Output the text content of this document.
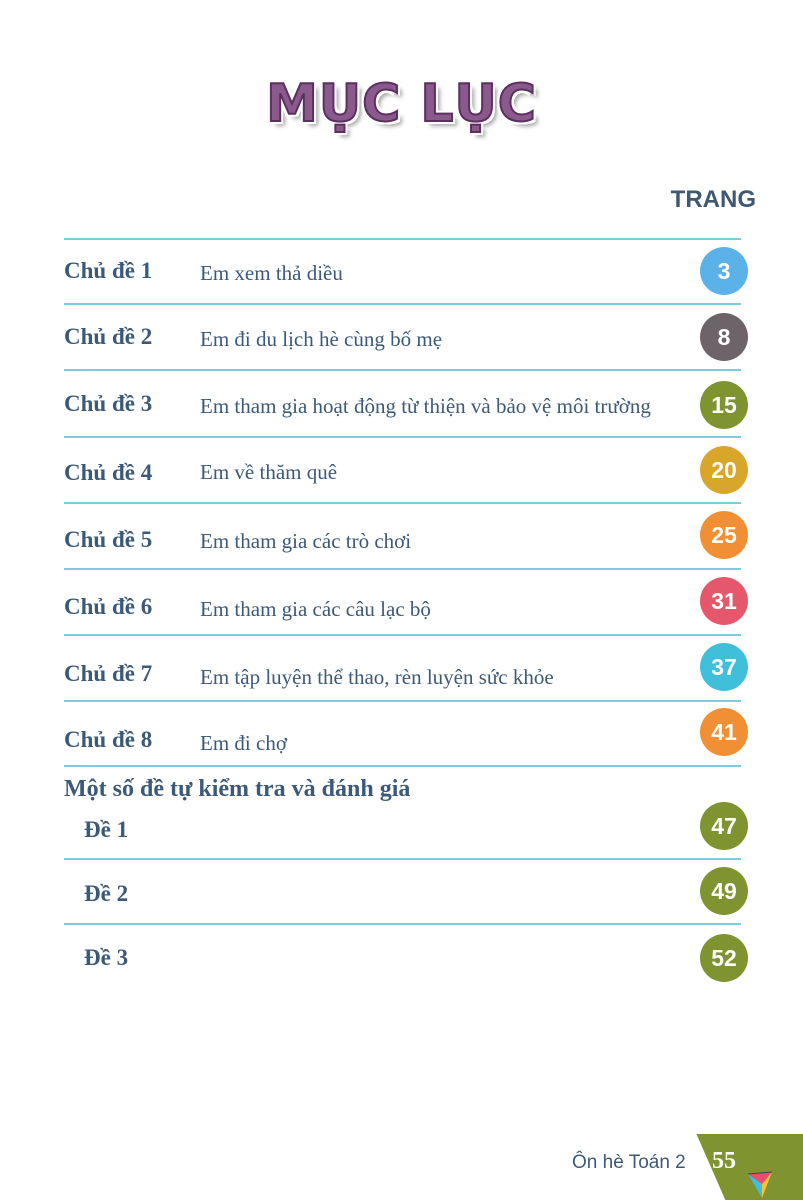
MỤC LỤC
TRANG
Chủ đề 1 Em xem thả diều	3
Chủ đề 2 Em đi du lịch hè cùng bố mẹ	8
Chủ đề 3 Em tham gia hoạt động từ thiện và bảo vệ môi trường	15
Chủ đề 4 Em về thăm quê	20
Chủ đề 5 Em tham gia các trò chơi	25
Chủ đề 6 Em tham gia các câu lạc bộ	31
Chủ đề 7 Em tập luyện thể thao, rèn luyện sức khỏe	37
Chủ đề 8 Em đi chợ	41
Một số đề tự kiểm tra và đánh giá
Đề 1	47
Đề 2	49
Đề 3	52
Ôn hè Toán 2 55
